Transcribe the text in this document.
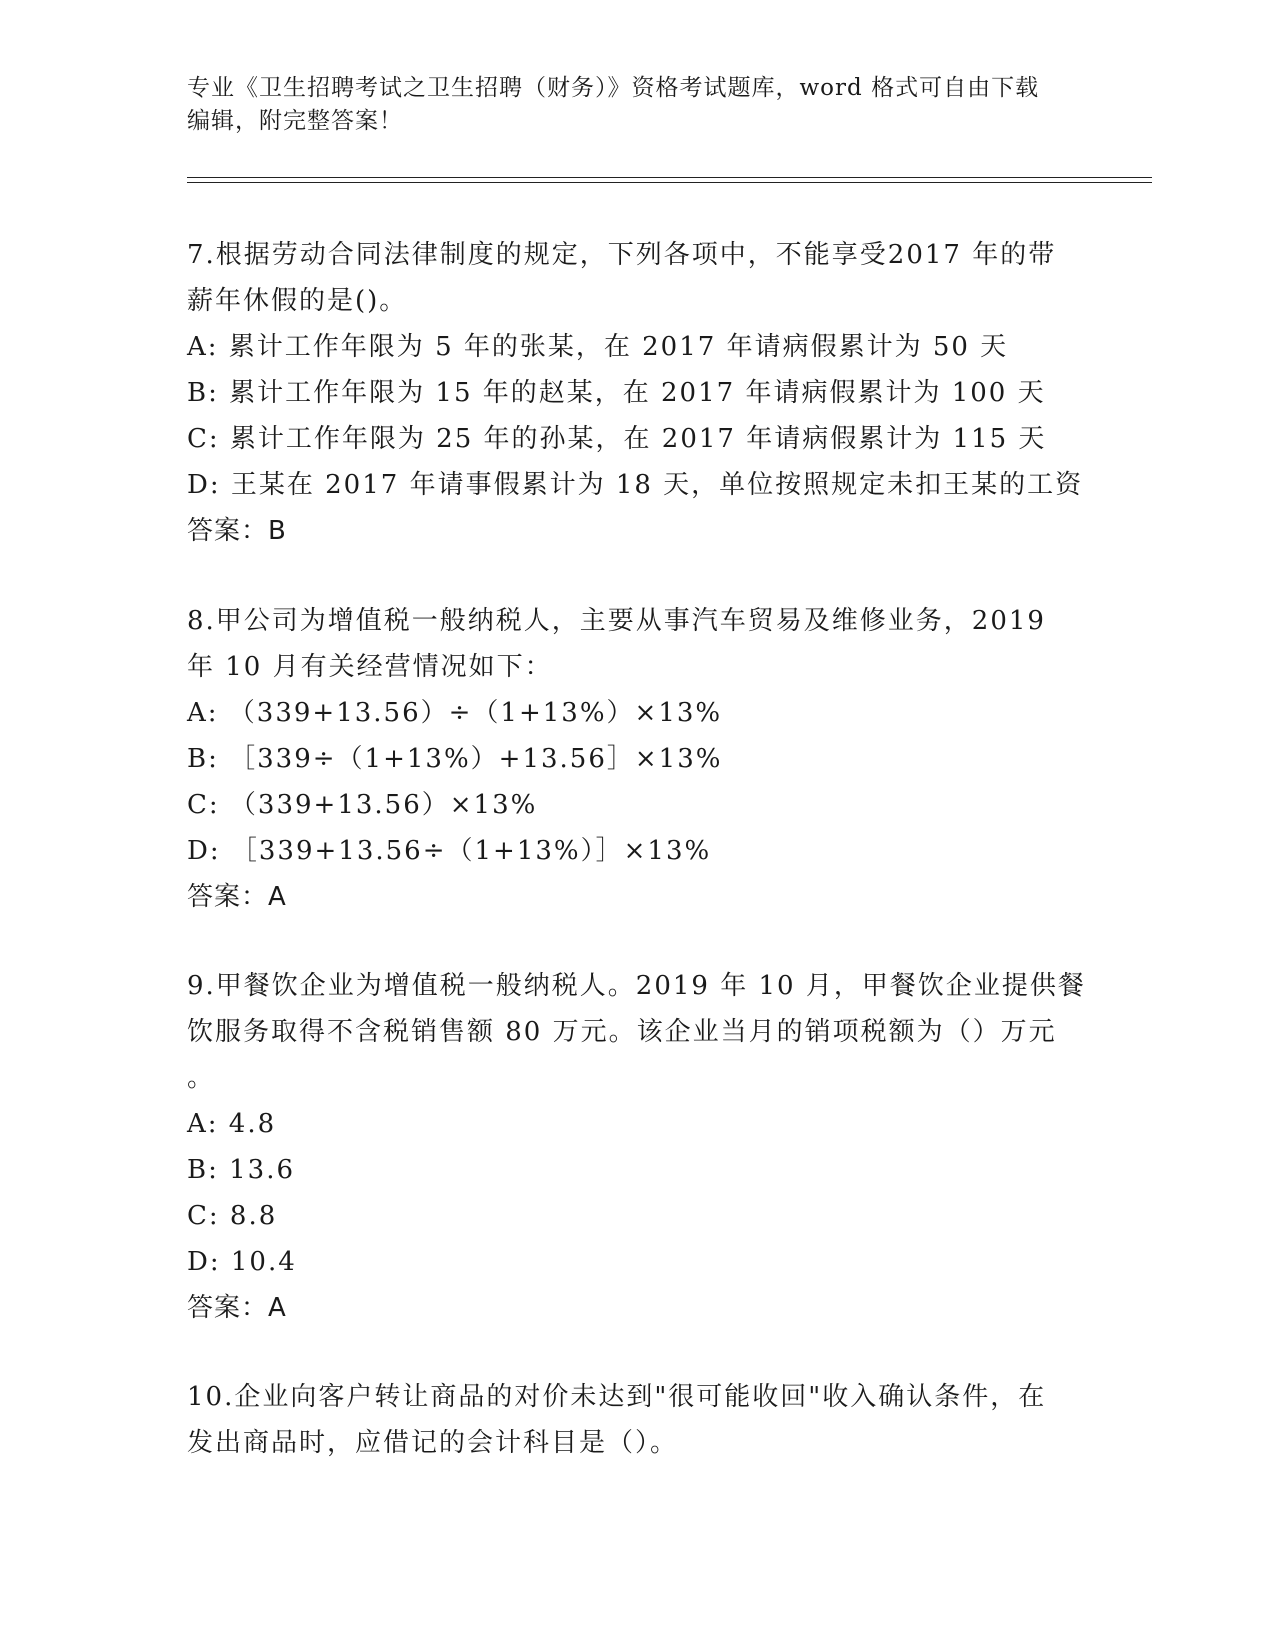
专业《卫生招聘考试之卫生招聘（财务）》资格考试题库，word 格式可自由下载
编辑，附完整答案！
7.根据劳动合同法律制度的规定，下列各项中，不能享受2017 年的带
薪年休假的是()。
A: 累计工作年限为 5 年的张某，在 2017 年请病假累计为 50 天
B: 累计工作年限为 15 年的赵某，在 2017 年请病假累计为 100 天
C: 累计工作年限为 25 年的孙某，在 2017 年请病假累计为 115 天
D: 王某在 2017 年请事假累计为 18 天，单位按照规定未扣王某的工资
答案：B
8.甲公司为增值税一般纳税人，主要从事汽车贸易及维修业务，2019
年 10 月有关经营情况如下：
A: （339+13.56）÷（1+13%）×13%
B: ［339÷（1+13%）+13.56］×13%
C: （339+13.56）×13%
D: ［339+13.56÷（1+13%）］×13%
答案：A
9.甲餐饮企业为增值税一般纳税人。2019 年 10 月，甲餐饮企业提供餐
饮服务取得不含税销售额 80 万元。该企业当月的销项税额为（）万元
。
A: 4.8
B: 13.6
C: 8.8
D: 10.4
答案：A
10.企业向客户转让商品的对价未达到"很可能收回"收入确认条件，在
发出商品时，应借记的会计科目是（）。
